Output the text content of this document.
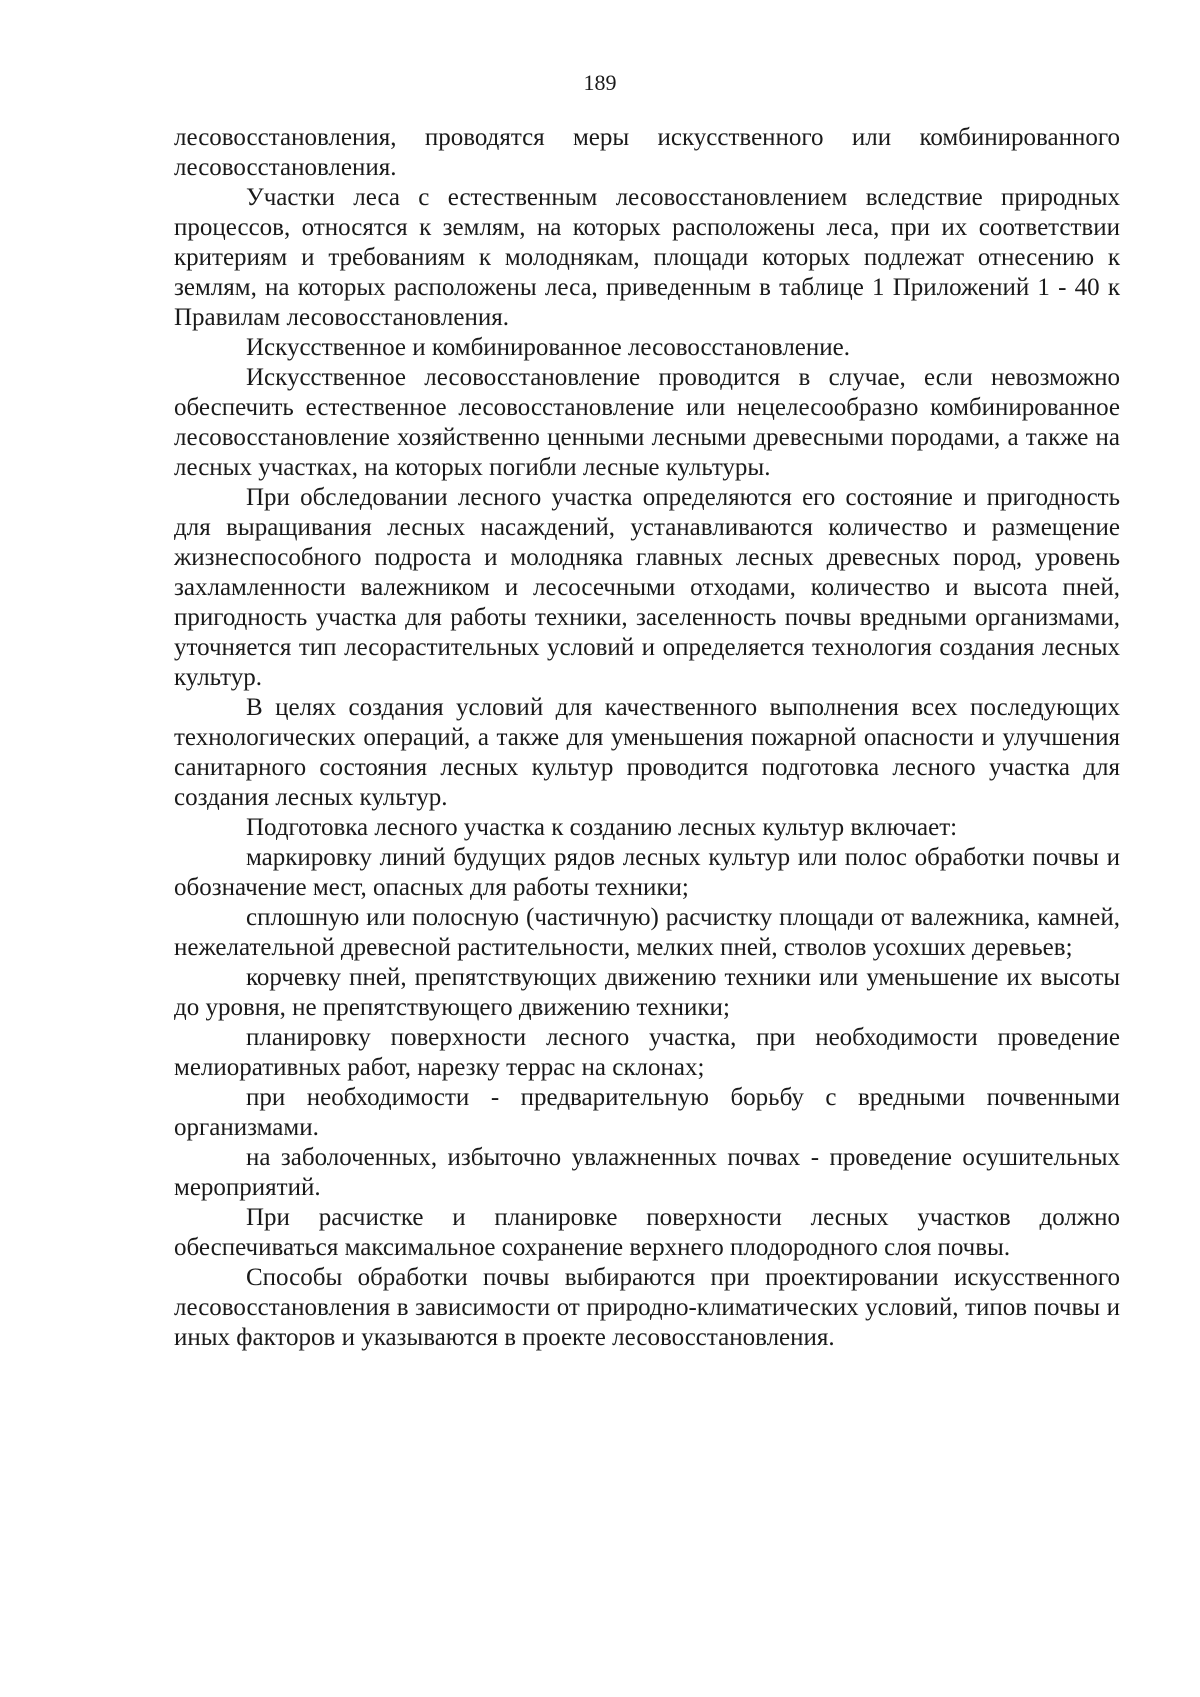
189

лесовосстановления, проводятся меры искусственного или комбинированного лесовосстановления.

Участки леса с естественным лесовосстановлением вследствие природных процессов, относятся к землям, на которых расположены леса, при их соответствии критериям и требованиям к молоднякам, площади которых подлежат отнесению к землям, на которых расположены леса, приведенным в таблице 1 Приложений 1 - 40 к Правилам лесовосстановления.

Искусственное и комбинированное лесовосстановление.

Искусственное лесовосстановление проводится в случае, если невозможно обеспечить естественное лесовосстановление или нецелесообразно комбинированное лесовосстановление хозяйственно ценными лесными древесными породами, а также на лесных участках, на которых погибли лесные культуры.

При обследовании лесного участка определяются его состояние и пригодность для выращивания лесных насаждений, устанавливаются количество и размещение жизнеспособного подроста и молодняка главных лесных древесных пород, уровень захламленности валежником и лесосечными отходами, количество и высота пней, пригодность участка для работы техники, заселенность почвы вредными организмами, уточняется тип лесорастительных условий и определяется технология создания лесных культур.

В целях создания условий для качественного выполнения всех последующих технологических операций, а также для уменьшения пожарной опасности и улучшения санитарного состояния лесных культур проводится подготовка лесного участка для создания лесных культур.

Подготовка лесного участка к созданию лесных культур включает:

маркировку линий будущих рядов лесных культур или полос обработки почвы и обозначение мест, опасных для работы техники;

сплошную или полосную (частичную) расчистку площади от валежника, камней, нежелательной древесной растительности, мелких пней, стволов усохших деревьев;

корчевку пней, препятствующих движению техники или уменьшение их высоты до уровня, не препятствующего движению техники;

планировку поверхности лесного участка, при необходимости проведение мелиоративных работ, нарезку террас на склонах;

при необходимости - предварительную борьбу с вредными почвенными организмами.

на заболоченных, избыточно увлажненных почвах - проведение осушительных мероприятий.

При расчистке и планировке поверхности лесных участков должно обеспечиваться максимальное сохранение верхнего плодородного слоя почвы.

Способы обработки почвы выбираются при проектировании искусственного лесовосстановления в зависимости от природно-климатических условий, типов почвы и иных факторов и указываются в проекте лесовосстановления.
